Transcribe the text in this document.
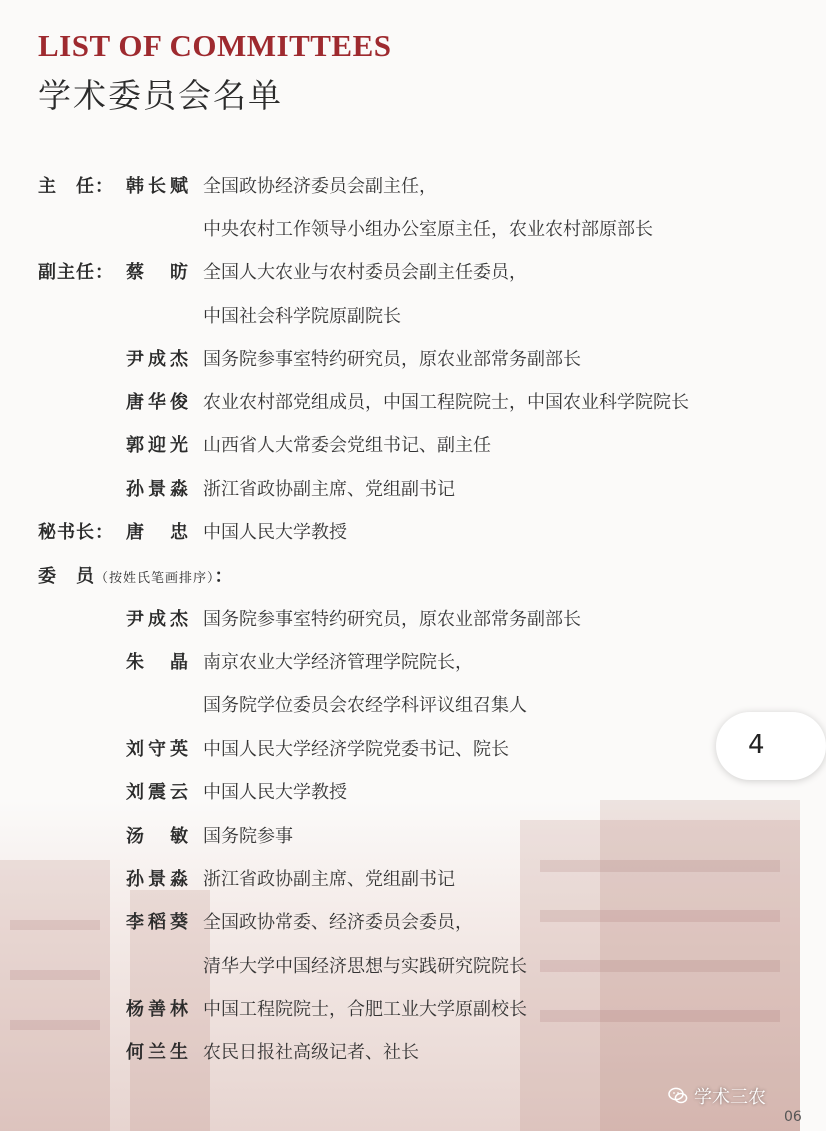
LIST OF COMMITTEES
学术委员会名单
主　任： 韩长赋 全国政协经济委员会副主任，
中央农村工作领导小组办公室原主任，农业农村部原部长
副主任： 蔡　昉 全国人大农业与农村委员会副主任委员，
中国社会科学院原副院长
尹成杰 国务院参事室特约研究员，原农业部常务副部长
唐华俊 农业农村部党组成员，中国工程院院士，中国农业科学院院长
郭迎光 山西省人大常委会党组书记、副主任
孙景淼 浙江省政协副主席、党组副书记
秘书长： 唐　忠 中国人民大学教授
委　员（按姓氏笔画排序）：
尹成杰 国务院参事室特约研究员，原农业部常务副部长
朱　晶 南京农业大学经济管理学院院长，
国务院学位委员会农经学科评议组召集人
刘守英 中国人民大学经济学院党委书记、院长
刘震云 中国人民大学教授
汤　敏 国务院参事
孙景淼 浙江省政协副主席、党组副书记
李稻葵 全国政协常委、经济委员会委员，
清华大学中国经济思想与实践研究院院长
杨善林 中国工程院院士，合肥工业大学原副校长
何兰生 农民日报社高级记者、社长
4
学术三农
06
